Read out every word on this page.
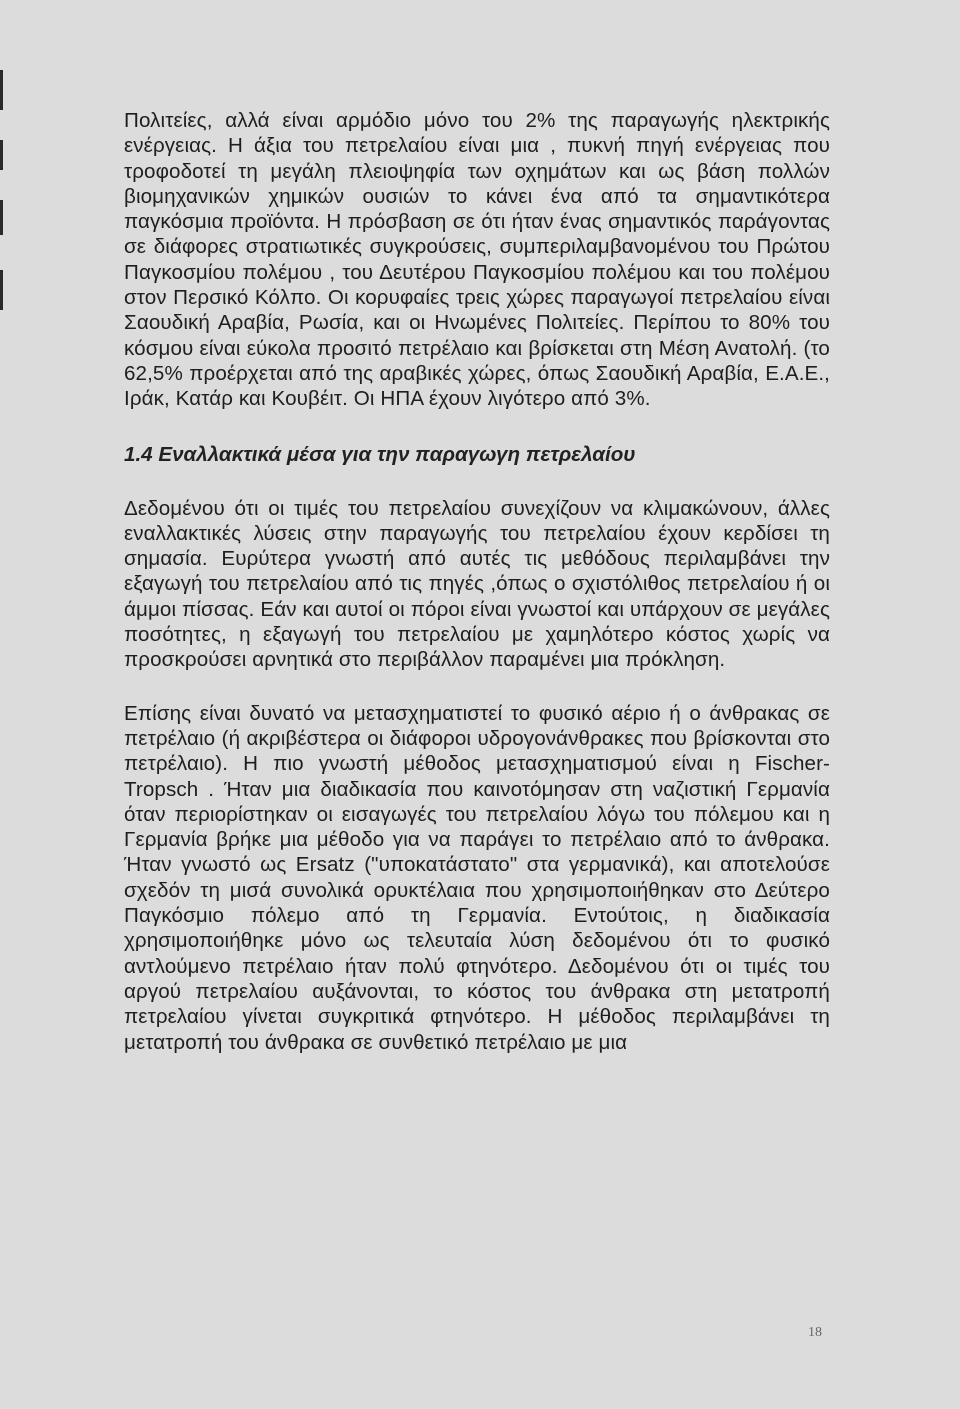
Πολιτείες, αλλά είναι αρμόδιο μόνο του 2% της παραγωγής ηλεκτρικής ενέργειας. Η άξια του πετρελαίου είναι μια , πυκνή πηγή ενέργειας που τροφοδοτεί τη μεγάλη πλειοψηφία των οχημάτων και ως βάση πολλών βιομηχανικών χημικών ουσιών το κάνει ένα από τα σημαντικότερα παγκόσμια προϊόντα. Η πρόσβαση σε ότι ήταν ένας σημαντικός παράγοντας σε διάφορες στρατιωτικές συγκρούσεις, συμπεριλαμβανομένου του Πρώτου Παγκοσμίου πολέμου , του Δευτέρου Παγκοσμίου πολέμου και του πολέμου στον Περσικό Κόλπο. Οι κορυφαίες τρεις χώρες παραγωγοί πετρελαίου είναι Σαουδική Αραβία, Ρωσία, και οι Ηνωμένες Πολιτείες. Περίπου το 80% του κόσμου είναι εύκολα προσιτό πετρέλαιο και βρίσκεται στη Μέση Ανατολή. (το 62,5% προέρχεται από της αραβικές χώρες, όπως Σαουδική Αραβία, Ε.Α.Ε., Ιράκ, Κατάρ και Κουβέιτ. Οι ΗΠΑ έχουν λιγότερο από 3%.

1.4 Εναλλακτικά μέσα για την παραγωγη πετρελαίου

Δεδομένου ότι οι τιμές του πετρελαίου συνεχίζουν να κλιμακώνουν, άλλες εναλλακτικές λύσεις στην παραγωγής του πετρελαίου έχουν κερδίσει τη σημασία. Ευρύτερα γνωστή από αυτές τις μεθόδους περιλαμβάνει την εξαγωγή του πετρελαίου από τις πηγές ,όπως ο σχιστόλιθος πετρελαίου ή οι άμμοι πίσσας. Εάν και αυτοί οι πόροι είναι γνωστοί και υπάρχουν σε μεγάλες ποσότητες, η εξαγωγή του πετρελαίου με χαμηλότερο κόστος χωρίς να προσκρούσει αρνητικά στο περιβάλλον παραμένει μια πρόκληση.

Επίσης είναι δυνατό να μετασχηματιστεί το φυσικό αέριο ή ο άνθρακας σε πετρέλαιο (ή ακριβέστερα οι διάφοροι υδρογονάνθρακες που βρίσκονται στο πετρέλαιο). Η πιο γνωστή μέθοδος μετασχηματισμού είναι η Fischer-Tropsch . Ήταν μια διαδικασία που καινοτόμησαν στη ναζιστική Γερμανία όταν περιορίστηκαν οι εισαγωγές του πετρελαίου λόγω του πόλεμου και η Γερμανία βρήκε μια μέθοδο για να παράγει το πετρέλαιο από το άνθρακα. Ήταν γνωστό ως Ersatz ("υποκατάστατο" στα γερμανικά), και αποτελούσε σχεδόν τη μισά συνολικά ορυκτέλαια που χρησιμοποιήθηκαν στο Δεύτερο Παγκόσμιο πόλεμο από τη Γερμανία. Εντούτοις, η διαδικασία χρησιμοποιήθηκε μόνο ως τελευταία λύση δεδομένου ότι το φυσικό αντλούμενο πετρέλαιο ήταν πολύ φτηνότερο. Δεδομένου ότι οι τιμές του αργού πετρελαίου αυξάνονται, το κόστος του άνθρακα στη μετατροπή πετρελαίου γίνεται συγκριτικά φτηνότερο. Η μέθοδος περιλαμβάνει τη μετατροπή του άνθρακα σε συνθετικό πετρέλαιο με μια

18
